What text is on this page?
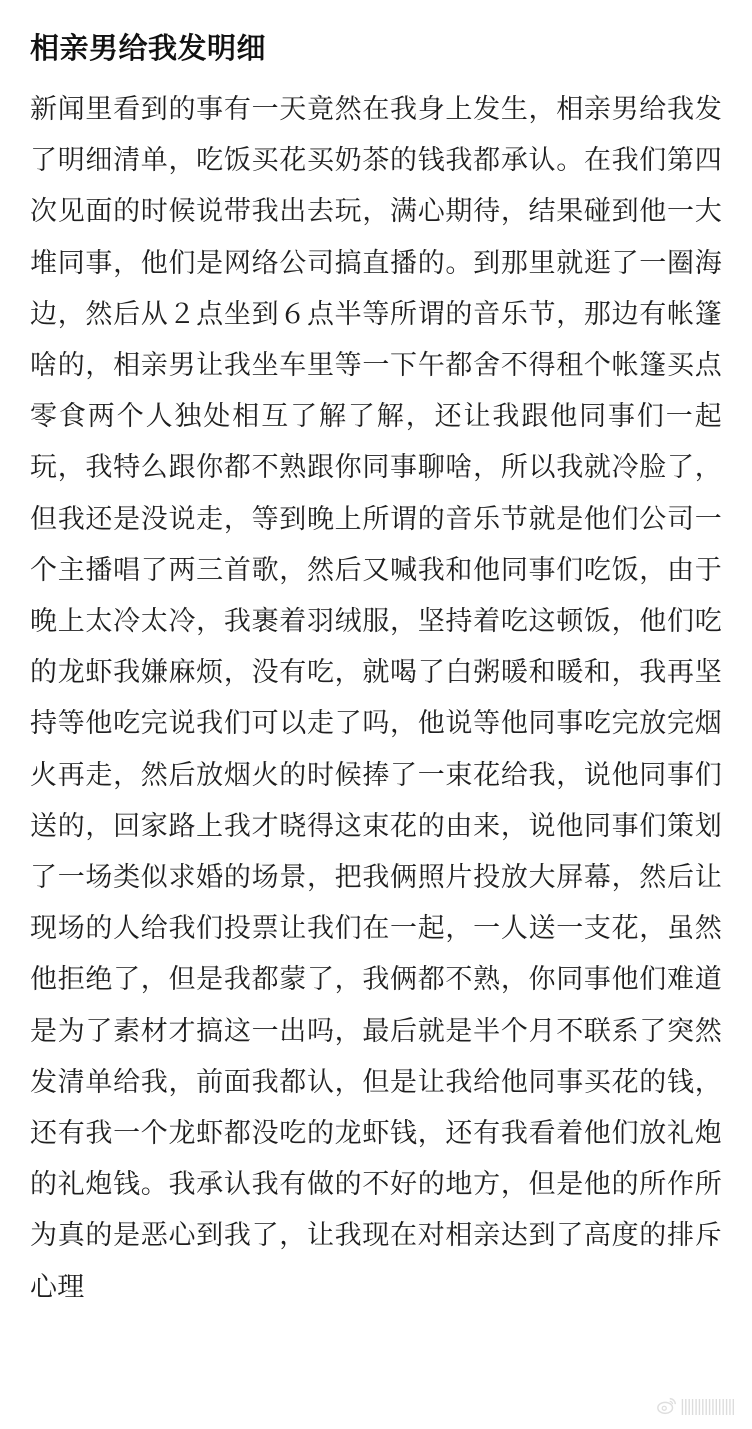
相亲男给我发明细
新闻里看到的事有一天竟然在我身上发生，相亲男给我发了明细清单，吃饭买花买奶茶的钱我都承认。在我们第四次见面的时候说带我出去玩，满心期待，结果碰到他一大堆同事，他们是网络公司搞直播的。到那里就逛了一圈海边，然后从２点坐到６点半等所谓的音乐节，那边有帐篷啥的，相亲男让我坐车里等一下午都舍不得租个帐篷买点零食两个人独处相互了解了解，还让我跟他同事们一起玩，我特么跟你都不熟跟你同事聊啥，所以我就冷脸了，但我还是没说走，等到晚上所谓的音乐节就是他们公司一个主播唱了两三首歌，然后又喊我和他同事们吃饭，由于晚上太冷太冷，我裹着羽绒服，坚持着吃这顿饭，他们吃的龙虾我嫌麻烦，没有吃，就喝了白粥暖和暖和，我再坚持等他吃完说我们可以走了吗，他说等他同事吃完放完烟火再走，然后放烟火的时候捧了一束花给我，说他同事们送的，回家路上我才晓得这束花的由来，说他同事们策划了一场类似求婚的场景，把我俩照片投放大屏幕，然后让现场的人给我们投票让我们在一起，一人送一支花，虽然他拒绝了，但是我都蒙了，我俩都不熟，你同事他们难道是为了素材才搞这一出吗，最后就是半个月不联系了突然发清单给我，前面我都认，但是让我给他同事买花的钱，还有我一个龙虾都没吃的龙虾钱，还有我看着他们放礼炮的礼炮钱。我承认我有做的不好的地方，但是他的所作所为真的是恶心到我了，让我现在对相亲达到了高度的排斥心理
||||||||||||||||
